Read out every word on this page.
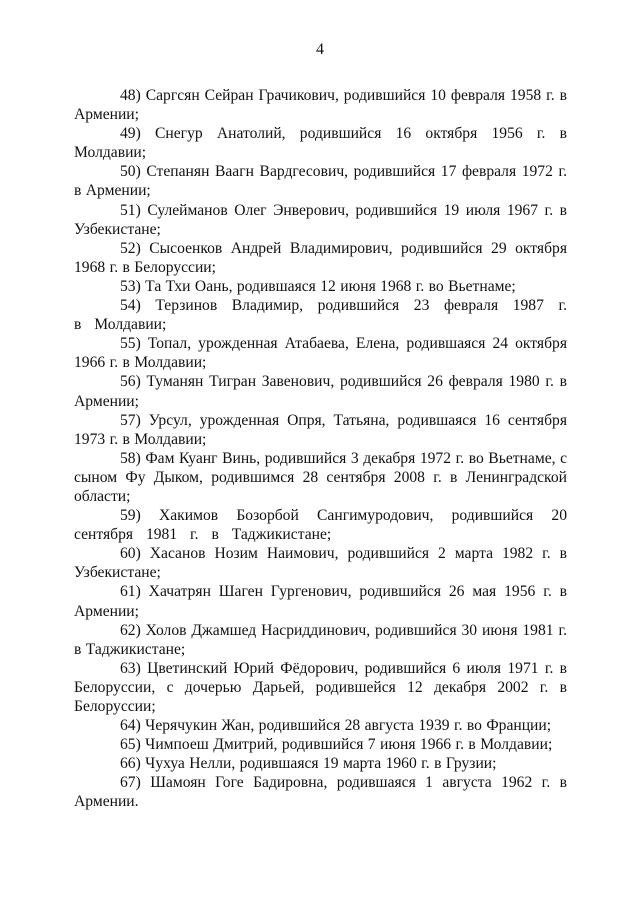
4

48) Саргсян Сейран Грачикович, родившийся 10 февраля 1958 г. в Армении;

49) Снегур Анатолий, родившийся 16 октября 1956 г. в Молдавии;

50) Степанян Ваагн Вардгесович, родившийся 17 февраля 1972 г. в Армении;

51) Сулейманов Олег Энверович, родившийся 19 июля 1967 г. в Узбекистане;

52) Сысоенков Андрей Владимирович, родившийся 29 октября 1968 г. в Белоруссии;

53) Та Тхи Оань, родившаяся 12 июня 1968 г. во Вьетнаме;

54) Терзинов Владимир, родившийся 23 февраля 1987 г. в Молдавии;

55) Топал, урожденная Атабаева, Елена, родившаяся 24 октября 1966 г. в Молдавии;

56) Туманян Тигран Завенович, родившийся 26 февраля 1980 г. в Армении;

57) Урсул, урожденная Опря, Татьяна, родившаяся 16 сентября 1973 г. в Молдавии;

58) Фам Куанг Винь, родившийся 3 декабря 1972 г. во Вьетнаме, с сыном Фу Дыком, родившимся 28 сентября 2008 г. в Ленинградской области;

59) Хакимов Бозорбой Сангимуродович, родившийся 20 сентября 1981 г. в Таджикистане;

60) Хасанов Нозим Наимович, родившийся 2 марта 1982 г. в Узбекистане;

61) Хачатрян Шаген Гургенович, родившийся 26 мая 1956 г. в Армении;

62) Холов Джамшед Насриддинович, родившийся 30 июня 1981 г. в Таджикистане;

63) Цветинский Юрий Фёдорович, родившийся 6 июля 1971 г. в Белоруссии, с дочерью Дарьей, родившейся 12 декабря 2002 г. в Белоруссии;

64) Черячукин Жан, родившийся 28 августа 1939 г. во Франции;

65) Чимпоеш Дмитрий, родившийся 7 июня 1966 г. в Молдавии;

66) Чухуа Нелли, родившаяся 19 марта 1960 г. в Грузии;

67) Шамоян Гоге Бадировна, родившаяся 1 августа 1962 г. в Армении.
